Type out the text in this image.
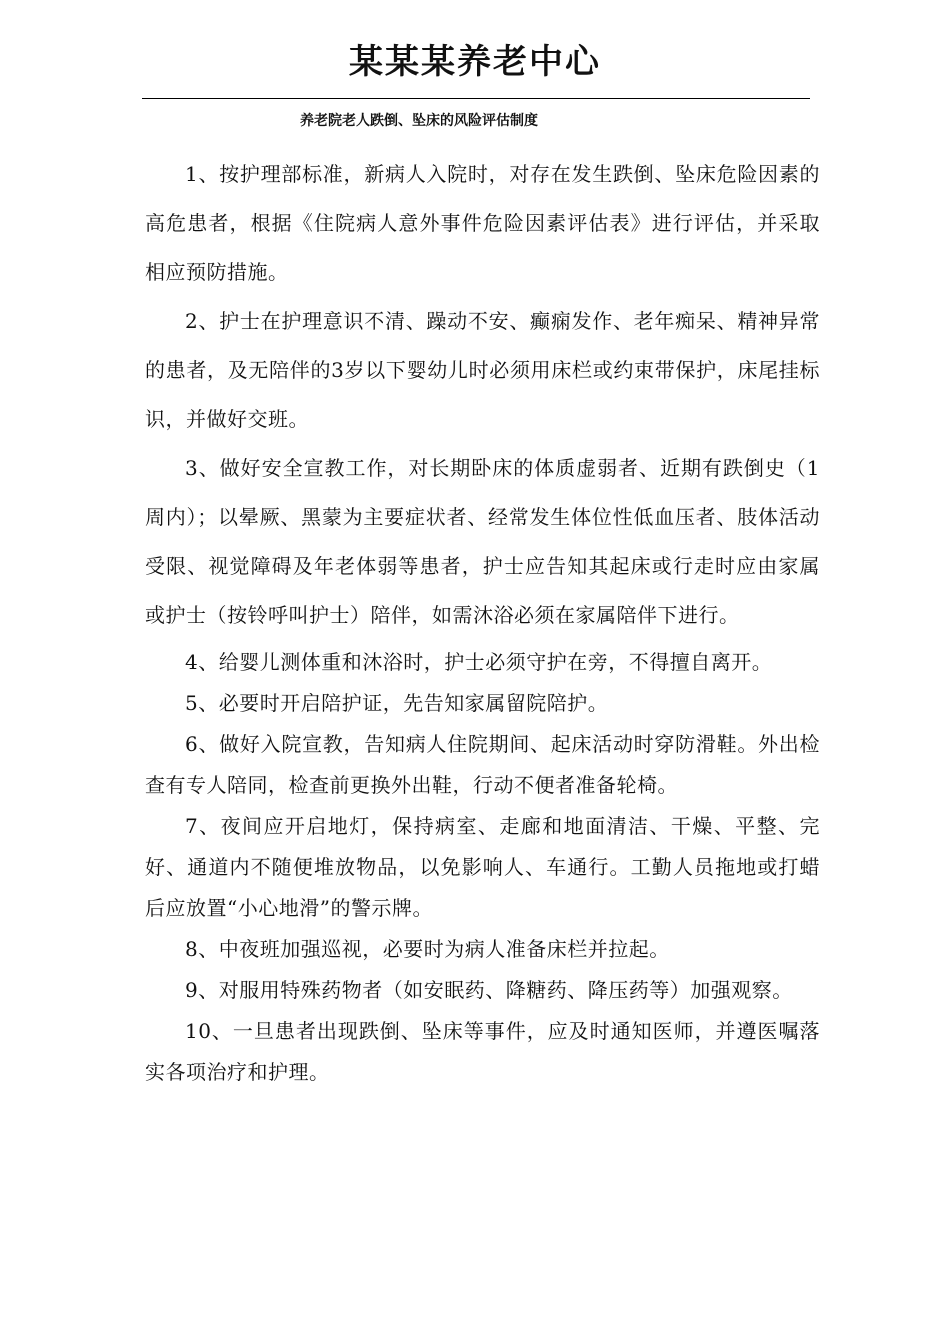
某某某养老中心
养老院老人跌倒、坠床的风险评估制度

1、按护理部标准，新病人入院时，对存在发生跌倒、坠床危险因素的高危患者，根据《住院病人意外事件危险因素评估表》进行评估，并采取相应预防措施。

2、护士在护理意识不清、躁动不安、癫痫发作、老年痴呆、精神异常的患者，及无陪伴的3岁以下婴幼儿时必须用床栏或约束带保护，床尾挂标识，并做好交班。

3、做好安全宣教工作，对长期卧床的体质虚弱者、近期有跌倒史（1 周内）；以晕厥、黑蒙为主要症状者、经常发生体位性低血压者、肢体活动受限、视觉障碍及年老体弱等患者，护士应告知其起床或行走时应由家属或护士（按铃呼叫护士）陪伴，如需沐浴必须在家属陪伴下进行。

4、给婴儿测体重和沐浴时，护士必须守护在旁，不得擅自离开。

5、必要时开启陪护证，先告知家属留院陪护。

6、做好入院宣教，告知病人住院期间、起床活动时穿防滑鞋。外出检查有专人陪同，检查前更换外出鞋，行动不便者准备轮椅。

7、夜间应开启地灯，保持病室、走廊和地面清洁、干燥、平整、完好、通道内不随便堆放物品，以免影响人、车通行。工勤人员拖地或打蜡后应放置“小心地滑”的警示牌。

8、中夜班加强巡视，必要时为病人准备床栏并拉起。

9、对服用特殊药物者（如安眠药、降糖药、降压药等）加强观察。

10、一旦患者出现跌倒、坠床等事件，应及时通知医师，并遵医嘱落实各项治疗和护理。
